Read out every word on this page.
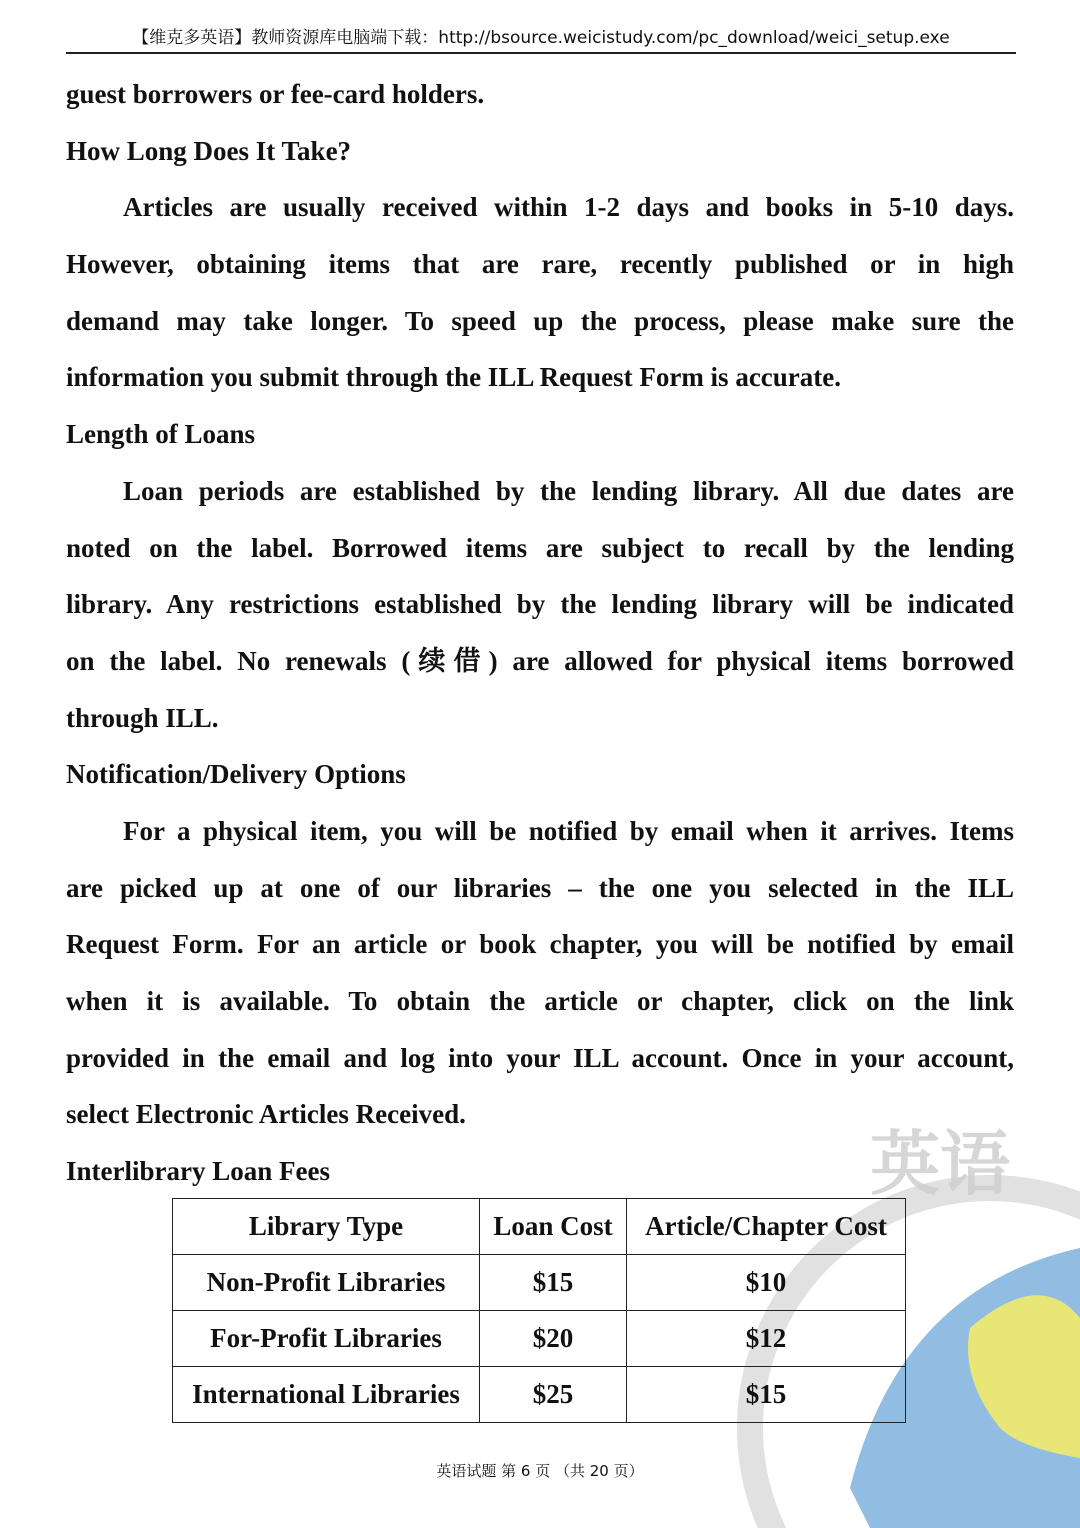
【维克多英语】教师资源库电脑端下载：http://bsource.weicistudy.com/pc_download/weici_setup.exe
guest borrowers or fee-card holders.
How Long Does It Take?
Articles are usually received within 1-2 days and books in 5-10 days.
However, obtaining items that are rare, recently published or in high
demand may take longer. To speed up the process, please make sure the
information you submit through the ILL Request Form is accurate.
Length of Loans
Loan periods are established by the lending library. All due dates are
noted on the label. Borrowed items are subject to recall by the lending
library. Any restrictions established by the lending library will be indicated
on the label. No renewals (续借) are allowed for physical items borrowed
through ILL.
Notification/Delivery Options
For a physical item, you will be notified by email when it arrives. Items
are picked up at one of our libraries – the one you selected in the ILL
Request Form. For an article or book chapter, you will be notified by email
when it is available. To obtain the article or chapter, click on the link
provided in the email and log into your ILL account. Once in your account,
select Electronic Articles Received.
Interlibrary Loan Fees	英语
Library Type	Loan Cost	Article/Chapter Cost
Non-Profit Libraries	$15	$10
For-Profit Libraries	$20	$12
International Libraries	$25	$15
英语试题 第 6 页 （共 20 页）
